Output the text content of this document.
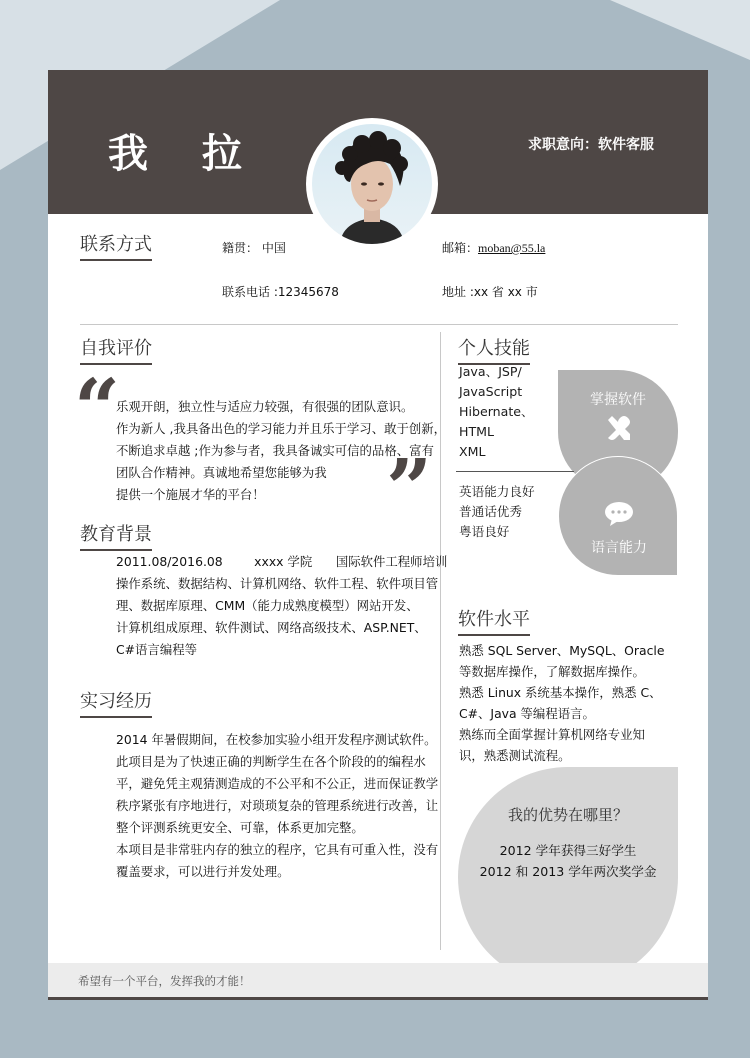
我 拉	求职意向：软件客服
联系方式	籍贯： 中国	邮箱：moban@55.la
联系电话 :12345678	地址 :xx 省 xx 市
自我评价
“

乐观开朗，独立性与适应力较强，有很强的团队意识。

作为新人 ,我具备出色的学习能力并且乐于学习、敢于创新，

不断追求卓越 ;作为参与者，我具备诚实可信的品格、富有

团队合作精神。真诚地希望您能够为我

提供一个施展才华的平台！	”
教育背景

2011.08/2016.08        xxxx 学院      国际软件工程师培训

操作系统、数据结构、计算机网络、软件工程、软件项目管

理、数据库原理、CMM（能力成熟度模型）网站开发、

计算机组成原理、软件测试、网络高级技术、ASP.NET、

C#语言编程等

实习经历

2014 年暑假期间，在校参加实验小组开发程序测试软件。

此项目是为了快速正确的判断学生在各个阶段的的编程水

平，避免凭主观猜测造成的不公平和不公正，进而保证教学

秩序紧张有序地进行，对琐琐复杂的管理系统进行改善，让

整个评测系统更安全、可靠，体系更加完整。

本项目是非常驻内存的独立的程序，它具有可重入性，没有

覆盖要求，可以进行并发处理。

个人技能
掌握软件
语言能力
Java、JSP/
JavaScript
Hibernate、
HTML
XML
英语能力良好
普通话优秀
粤语良好
软件水平

熟悉 SQL Server、MySQL、Oracle

等数据库操作，了解数据库操作。

熟悉 Linux 系统基本操作，熟悉 C、

C#、Java 等编程语言。

熟练而全面掌握计算机网络专业知

识，熟悉测试流程。

我的优势在哪里？
2012 学年获得三好学生
2012 和 2013 学年两次奖学金
希望有一个平台，发挥我的才能！
